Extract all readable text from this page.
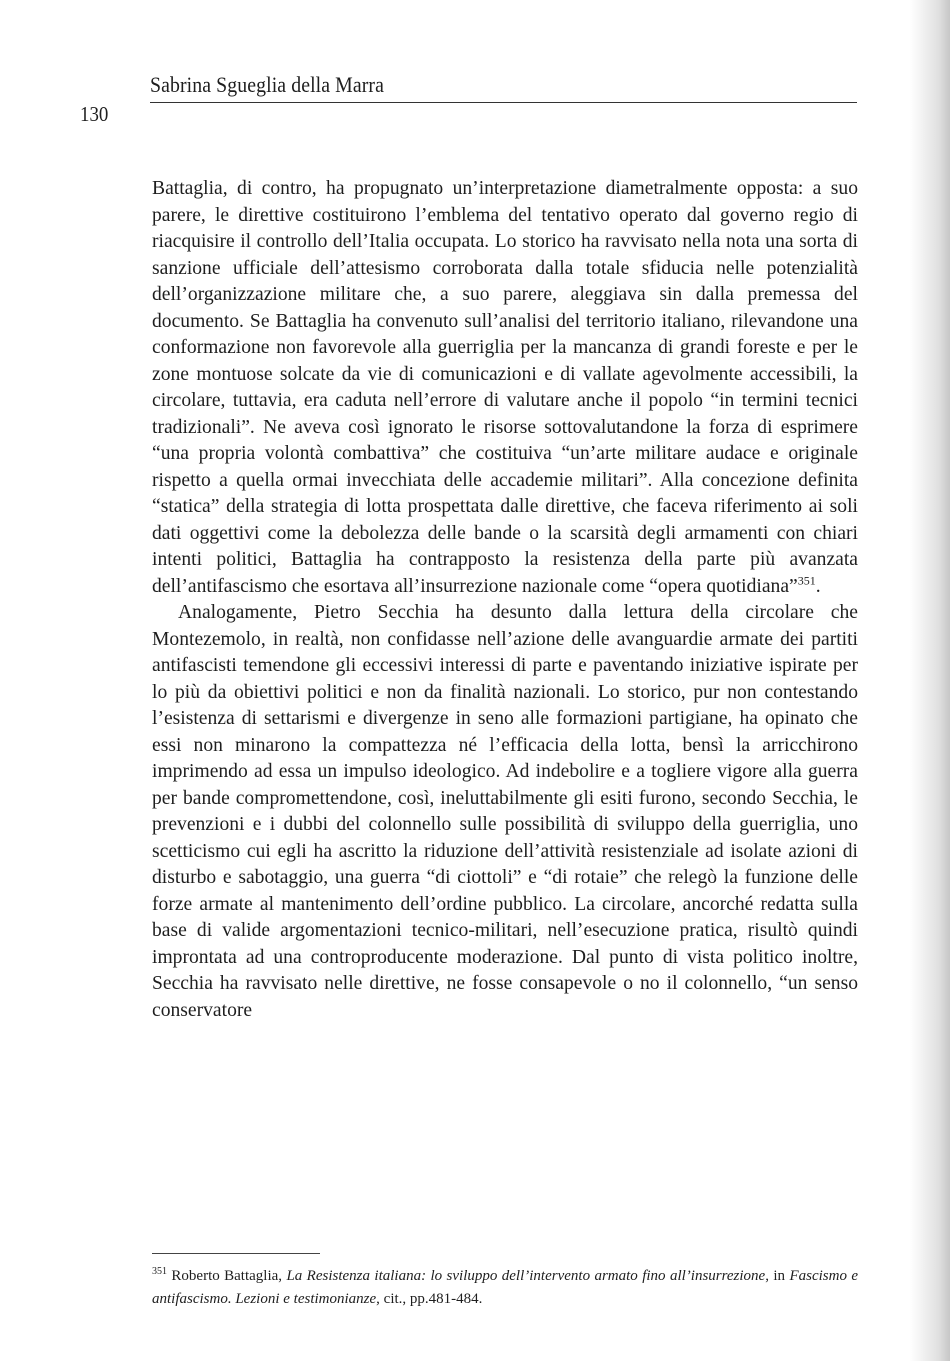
Sabrina Sgueglia della Marra
130

Battaglia, di contro, ha propugnato un’interpretazione diametralmente opposta: a suo parere, le direttive costituirono l’emblema del tentativo operato dal governo regio di riacquisire il controllo dell’Italia occupata. Lo storico ha ravvisato nella nota una sorta di sanzione ufficiale dell’attesismo corroborata dalla totale sfiducia nelle potenzialità dell’organizzazione militare che, a suo parere, aleggiava sin dalla premessa del documento. Se Battaglia ha convenuto sull’analisi del territorio italiano, rilevandone una conformazione non favorevole alla guerriglia per la mancanza di grandi foreste e per le zone montuose solcate da vie di comunicazioni e di vallate agevolmente accessibili, la circolare, tuttavia, era caduta nell’errore di valutare anche il popolo “in termini tecnici tradizionali”. Ne aveva così ignorato le risorse sottovalutandone la forza di esprimere “una propria volontà combattiva” che costituiva “un’arte militare audace e originale rispetto a quella ormai invecchiata delle accademie militari”. Alla concezione definita “statica” della strategia di lotta prospettata dalle direttive, che faceva riferimento ai soli dati oggettivi come la debolezza delle bande o la scarsità degli armamenti con chiari intenti politici, Battaglia ha contrapposto la resistenza della parte più avanzata dell’antifascismo che esortava all’insurrezione nazionale come “opera quotidiana”$^{351}$.

Analogamente, Pietro Secchia ha desunto dalla lettura della circolare che Montezemolo, in realtà, non confidasse nell’azione delle avanguardie armate dei partiti antifascisti temendone gli eccessivi interessi di parte e paventando iniziative ispirate per lo più da obiettivi politici e non da finalità nazionali. Lo storico, pur non contestando l’esistenza di settarismi e divergenze in seno alle formazioni partigiane, ha opinato che essi non minarono la compattezza né l’efficacia della lotta, bensì la arricchirono imprimendo ad essa un impulso ideologico. Ad indebolire e a togliere vigore alla guerra per bande compromettendone, così, ineluttabilmente gli esiti furono, secondo Secchia, le prevenzioni e i dubbi del colonnello sulle possibilità di sviluppo della guerriglia, uno scetticismo cui egli ha ascritto la riduzione dell’attività resistenziale ad isolate azioni di disturbo e sabotaggio, una guerra “di ciottoli” e “di rotaie” che relegò la funzione delle forze armate al mantenimento dell’ordine pubblico. La circolare, ancorché redatta sulla base di valide argomentazioni tecnico-militari, nell’esecuzione pratica, risultò quindi improntata ad una controproducente moderazione. Dal punto di vista politico inoltre, Secchia ha ravvisato nelle direttive, ne fosse consapevole o no il colonnello, “un senso conservatore

$^{351}$ Roberto Battaglia, La Resistenza italiana: lo sviluppo dell’intervento armato fino all’insurrezione, in Fascismo e antifascismo. Lezioni e testimonianze, cit., pp.481-484.
